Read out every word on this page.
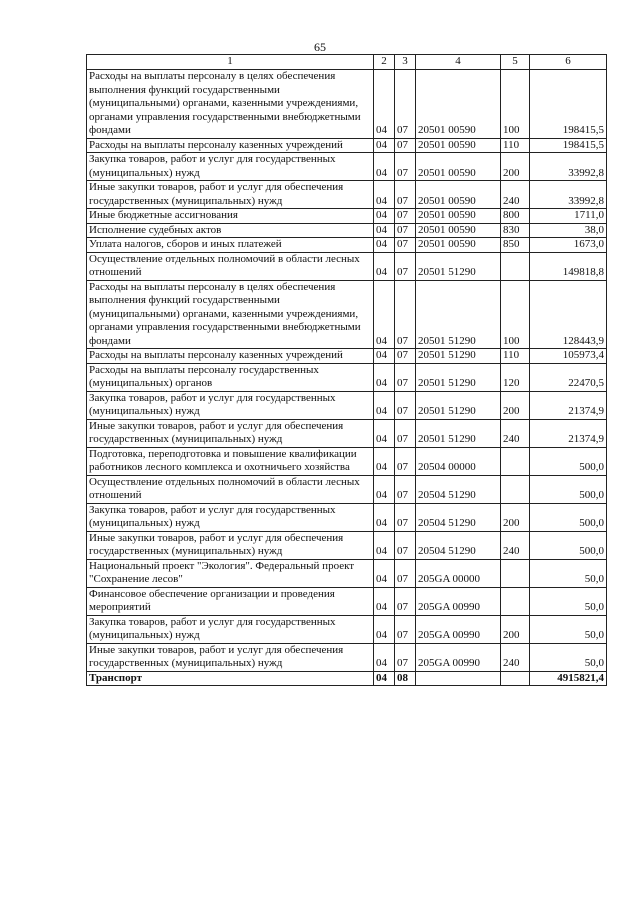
65
1	2	3	4	5	6
Расходы на выплаты персоналу в целях обеспечения выполнения функций государственными (муниципальными) органами, казенными учреждениями, органами управления государственными внебюджетными фондами	04	07	20501 00590	100	198415,5
Расходы на выплаты персоналу казенных учреждений	04	07	20501 00590	110	198415,5
Закупка товаров, работ и услуг для государственных (муниципальных) нужд	04	07	20501 00590	200	33992,8
Иные закупки товаров, работ и услуг для обеспечения государственных (муниципальных) нужд	04	07	20501 00590	240	33992,8
Иные бюджетные ассигнования	04	07	20501 00590	800	1711,0
Исполнение судебных актов	04	07	20501 00590	830	38,0
Уплата налогов, сборов и иных платежей	04	07	20501 00590	850	1673,0
Осуществление отдельных полномочий в области лесных отношений	04	07	20501 51290		149818,8
Расходы на выплаты персоналу в целях обеспечения выполнения функций государственными (муниципальными) органами, казенными учреждениями, органами управления государственными внебюджетными фондами	04	07	20501 51290	100	128443,9
Расходы на выплаты персоналу казенных учреждений	04	07	20501 51290	110	105973,4
Расходы на выплаты персоналу государственных (муниципальных) органов	04	07	20501 51290	120	22470,5
Закупка товаров, работ и услуг для государственных (муниципальных) нужд	04	07	20501 51290	200	21374,9
Иные закупки товаров, работ и услуг для обеспечения государственных (муниципальных) нужд	04	07	20501 51290	240	21374,9
Подготовка, переподготовка и повышение квалификации работников лесного комплекса и охотничьего хозяйства	04	07	20504 00000		500,0
Осуществление отдельных полномочий в области лесных отношений	04	07	20504 51290		500,0
Закупка товаров, работ и услуг для государственных (муниципальных) нужд	04	07	20504 51290	200	500,0
Иные закупки товаров, работ и услуг для обеспечения государственных (муниципальных) нужд	04	07	20504 51290	240	500,0
Национальный проект "Экология". Федеральный проект "Сохранение лесов"	04	07	205GA 00000		50,0
Финансовое обеспечение организации и проведения мероприятий	04	07	205GA 00990		50,0
Закупка товаров, работ и услуг для государственных (муниципальных) нужд	04	07	205GA 00990	200	50,0
Иные закупки товаров, работ и услуг для обеспечения государственных (муниципальных) нужд	04	07	205GA 00990	240	50,0
Транспорт	04	08			4915821,4
